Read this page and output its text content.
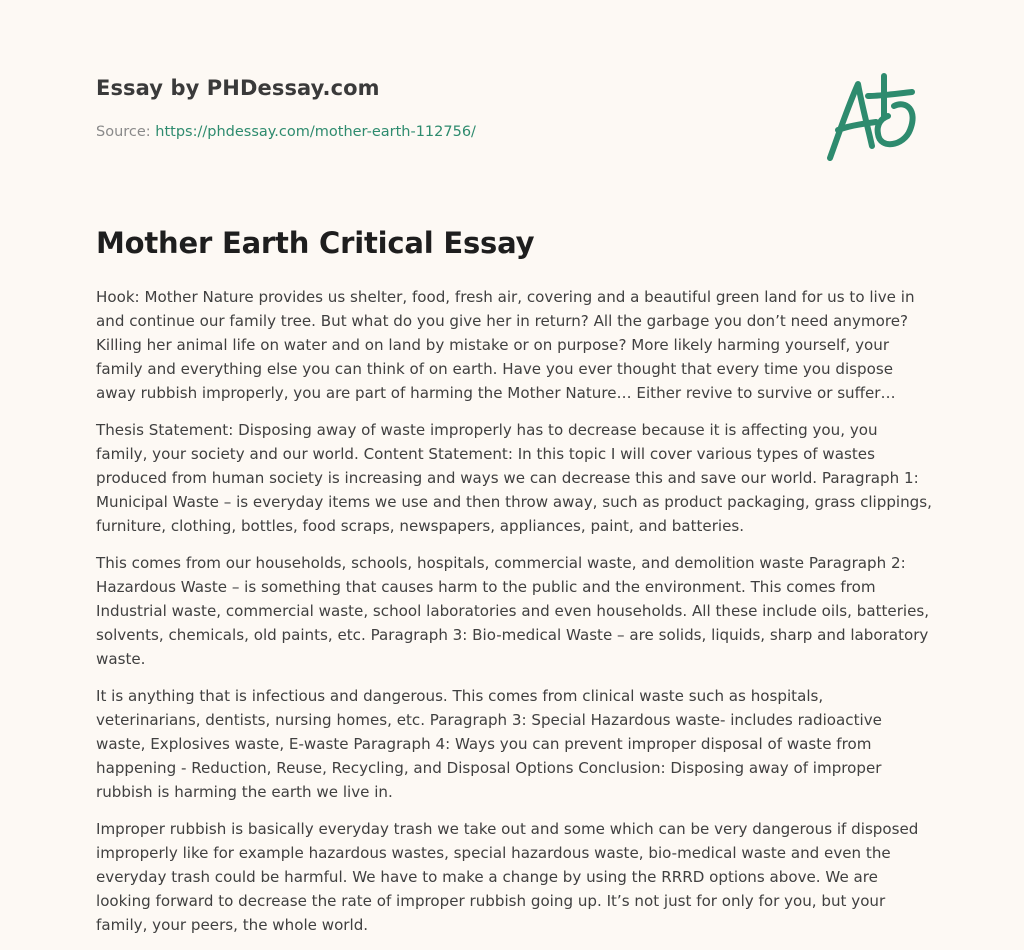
Essay by PHDessay.com
Source: https://phdessay.com/mother-earth-112756/
Mother Earth Critical Essay

Hook: Mother Nature provides us shelter, food, fresh air, covering and a beautiful green land for us to live in and continue our family tree. But what do you give her in return? All the garbage you don’t need anymore? Killing her animal life on water and on land by mistake or on purpose? More likely harming yourself, your family and everything else you can think of on earth. Have you ever thought that every time you dispose away rubbish improperly, you are part of harming the Mother Nature… Either revive to survive or suffer…

Thesis Statement: Disposing away of waste improperly has to decrease because it is affecting you, you family, your society and our world. Content Statement: In this topic I will cover various types of wastes produced from human society is increasing and ways we can decrease this and save our world. Paragraph 1: Municipal Waste – is everyday items we use and then throw away, such as product packaging, grass clippings, furniture, clothing, bottles, food scraps, newspapers, appliances, paint, and batteries.

This comes from our households, schools, hospitals, commercial waste, and demolition waste Paragraph 2: Hazardous Waste – is something that causes harm to the public and the environment. This comes from Industrial waste, commercial waste, school laboratories and even households. All these include oils, batteries, solvents, chemicals, old paints, etc. Paragraph 3: Bio-medical Waste – are solids, liquids, sharp and laboratory waste.

It is anything that is infectious and dangerous. This comes from clinical waste such as hospitals, veterinarians, dentists, nursing homes, etc. Paragraph 3: Special Hazardous waste- includes radioactive waste, Explosives waste, E-waste Paragraph 4: Ways you can prevent improper disposal of waste from happening - Reduction, Reuse, Recycling, and Disposal Options Conclusion: Disposing away of improper rubbish is harming the earth we live in.

Improper rubbish is basically everyday trash we take out and some which can be very dangerous if disposed improperly like for example hazardous wastes, special hazardous waste, bio-medical waste and even the everyday trash could be harmful. We have to make a change by using the RRRD options above. We are looking forward to decrease the rate of improper rubbish going up. It’s not just for only for you, but your family, your peers, the whole world.
